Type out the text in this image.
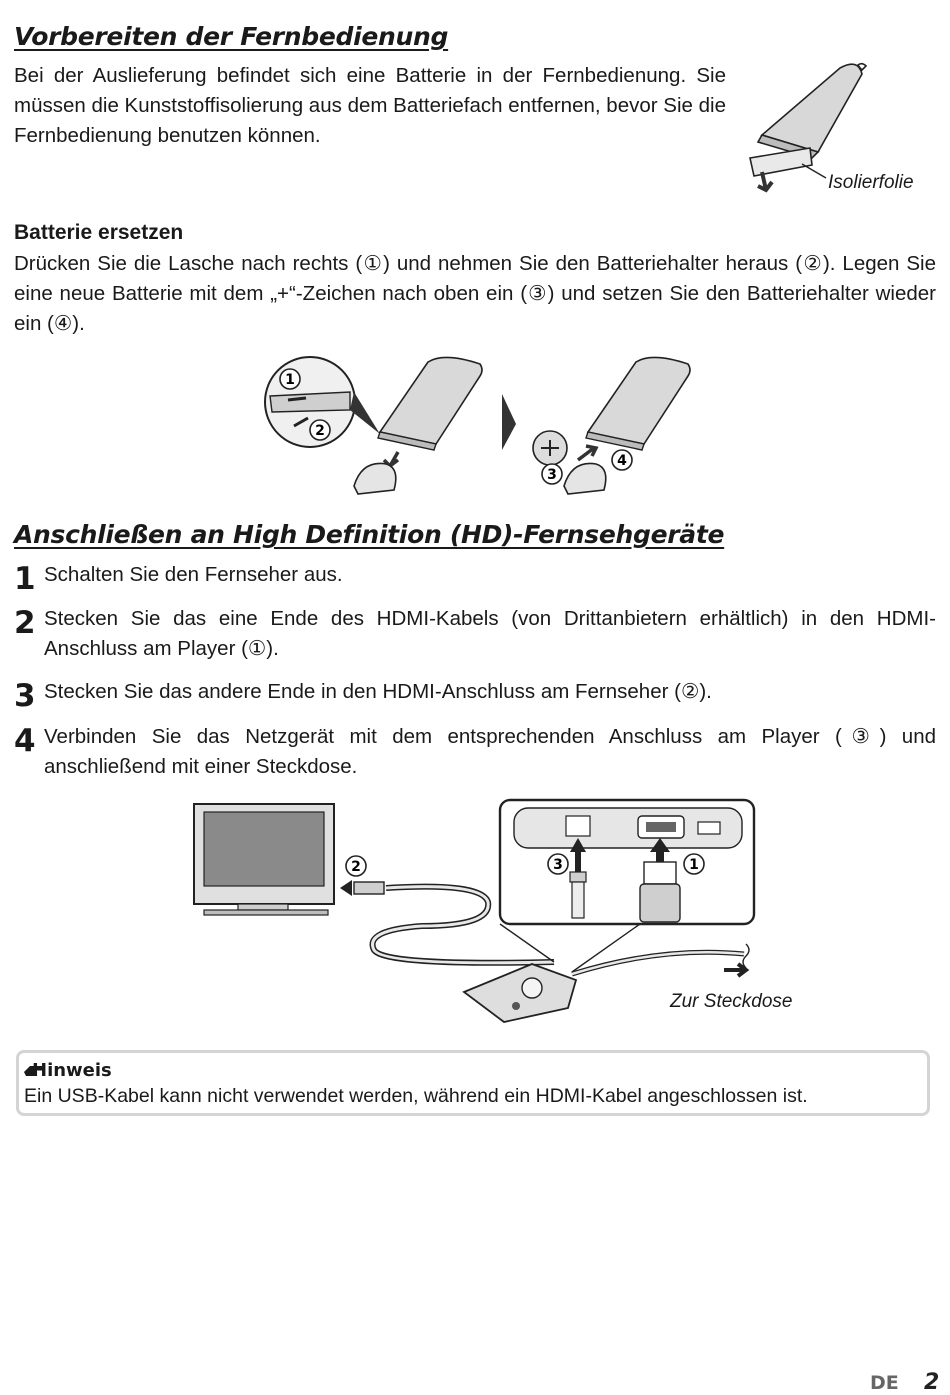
Vorbereiten der Fernbedienung

Bei der Auslieferung befindet sich eine Batterie in der Fernbedienung. Sie müssen die Kunststoffisolierung aus dem Batteriefach entfernen, bevor Sie die Fernbedienung benutzen können.

Isolierfolie
Batterie ersetzen

Drücken Sie die Lasche nach rechts (①) und nehmen Sie den Batteriehalter heraus (②). Legen Sie eine neue Batterie mit dem „+“-Zeichen nach oben ein (③) und setzen Sie den Batteriehalter wieder ein (④).

1
2
3
4
Anschließen an High Definition (HD)-Fernsehgeräte
1 Schalten Sie den Fernseher aus.
2 Stecken Sie das eine Ende des HDMI-Kabels (von Drittanbietern erhältlich) in den HDMI-Anschluss am Player (①).
3 Stecken Sie das andere Ende in den HDMI-Anschluss am Fernseher (②).
4 Verbinden Sie das Netzgerät mit dem entsprechenden Anschluss am Player (③) und anschließend mit einer Steckdose.
2
Zur Steckdose
3	1
Hinweis
Ein USB-Kabel kann nicht verwendet werden, während ein HDMI-Kabel angeschlossen ist.
DE 2
